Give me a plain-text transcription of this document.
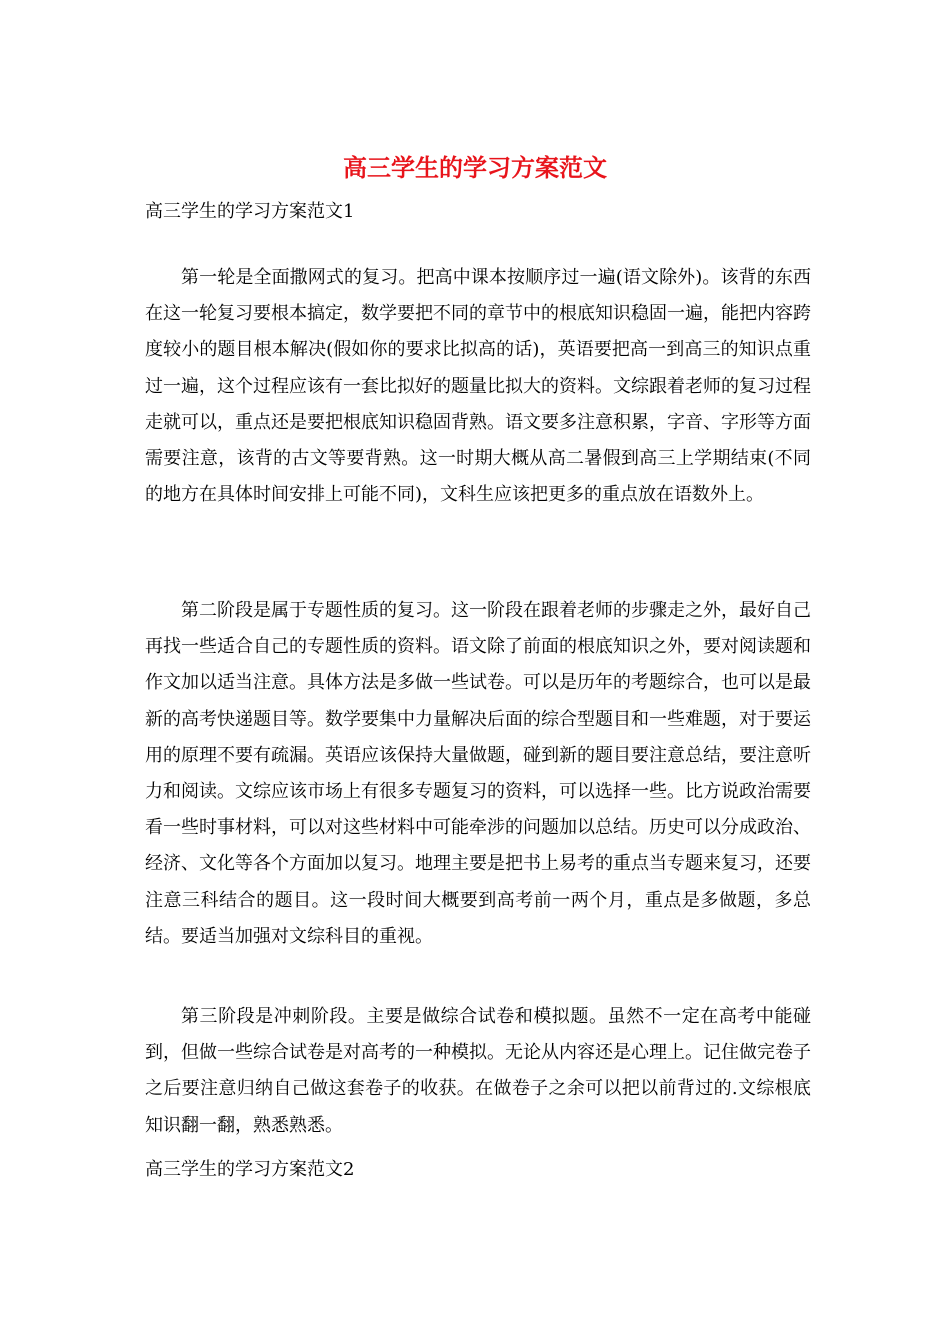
高三学生的学习方案范文

高三学生的学习方案范文1

第一轮是全面撒网式的复习。把高中课本按顺序过一遍(语文除外)。该背的东西在这一轮复习要根本搞定，数学要把不同的章节中的根底知识稳固一遍，能把内容跨度较小的题目根本解决(假如你的要求比拟高的话)，英语要把高一到高三的知识点重过一遍，这个过程应该有一套比拟好的题量比拟大的资料。文综跟着老师的复习过程走就可以，重点还是要把根底知识稳固背熟。语文要多注意积累，字音、字形等方面需要注意，该背的古文等要背熟。这一时期大概从高二暑假到高三上学期结束(不同的地方在具体时间安排上可能不同)，文科生应该把更多的重点放在语数外上。

第二阶段是属于专题性质的复习。这一阶段在跟着老师的步骤走之外，最好自己再找一些适合自己的专题性质的资料。语文除了前面的根底知识之外，要对阅读题和作文加以适当注意。具体方法是多做一些试卷。可以是历年的考题综合，也可以是最新的高考快递题目等。数学要集中力量解决后面的综合型题目和一些难题，对于要运用的原理不要有疏漏。英语应该保持大量做题，碰到新的题目要注意总结，要注意听力和阅读。文综应该市场上有很多专题复习的资料，可以选择一些。比方说政治需要看一些时事材料，可以对这些材料中可能牵涉的问题加以总结。历史可以分成政治、经济、文化等各个方面加以复习。地理主要是把书上易考的重点当专题来复习，还要注意三科结合的题目。这一段时间大概要到高考前一两个月，重点是多做题，多总结。要适当加强对文综科目的重视。

第三阶段是冲刺阶段。主要是做综合试卷和模拟题。虽然不一定在高考中能碰到，但做一些综合试卷是对高考的一种模拟。无论从内容还是心理上。记住做完卷子之后要注意归纳自己做这套卷子的收获。在做卷子之余可以把以前背过的.文综根底知识翻一翻，熟悉熟悉。

高三学生的学习方案范文2
